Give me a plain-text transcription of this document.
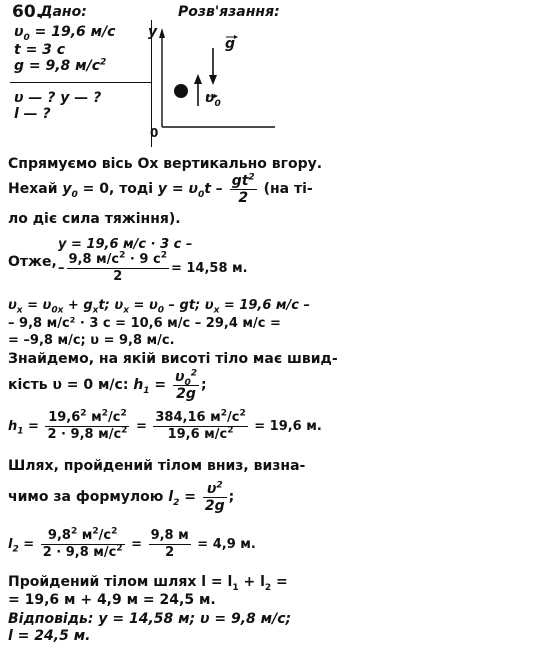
60.
Дано:	Розв'язання:
$\upsilon_0 = 19,6$ м/с
t = 3 с
g = 9,8 $м/с^2$
υ — ? y — ?
l — ?
y
g
$\upsilon_0$
0
Спрямуємо вісь Ох вертикально вгору.
Нехай $y_0 = 0$, тоді $y = \upsilon_0t - \frac{gt^2}{2} (на$ ті-
ло діє сила тяжіння).
y = 19,6 м/с · 3 с –
Отже, – $\frac{9,8 м/с^2 \cdot 9 с^2}{2} = 14,58$ м.
$\upsilon_x = \upsilon_{0x} + g_xt$; $\upsilon_x = \upsilon_0$ – gt; $\upsilon_x = 19,6$ м/с –
– 9,8 м/с² · 3 с = 10,6 м/с – 29,4 м/с =
= –9,8 м/с; υ = 9,8 м/с.
Знайдемо, на якій висоті тіло має швид-
кість υ = 0 м/с: $h_1 = \frac{\upsilon_0^2}{2g}$ ;
$h_1 = \frac{19,6^2 м^2/с^2}{2 \cdot 9,8 м/с^2} = \frac{384,16 м^2/с^2}{19,6 м/с^2} = 19,6$ м.
Шлях, пройдений тілом вниз, визна-
чимо за формулою $l_2 = \frac{\upsilon^2}{2g}$ ;
$l_2 = \frac{9,8^2 м^2/с^2}{2 \cdot 9,8 м/с^2} = \frac{9,8 м}{2} = 4,9$ м.
Пройдений тілом шлях $l = l_1 + l_2$ =
= 19,6 м + 4,9 м = 24,5 м.
Відповідь: y = 14,58 м; υ = 9,8 м/с;
l = 24,5 м.
